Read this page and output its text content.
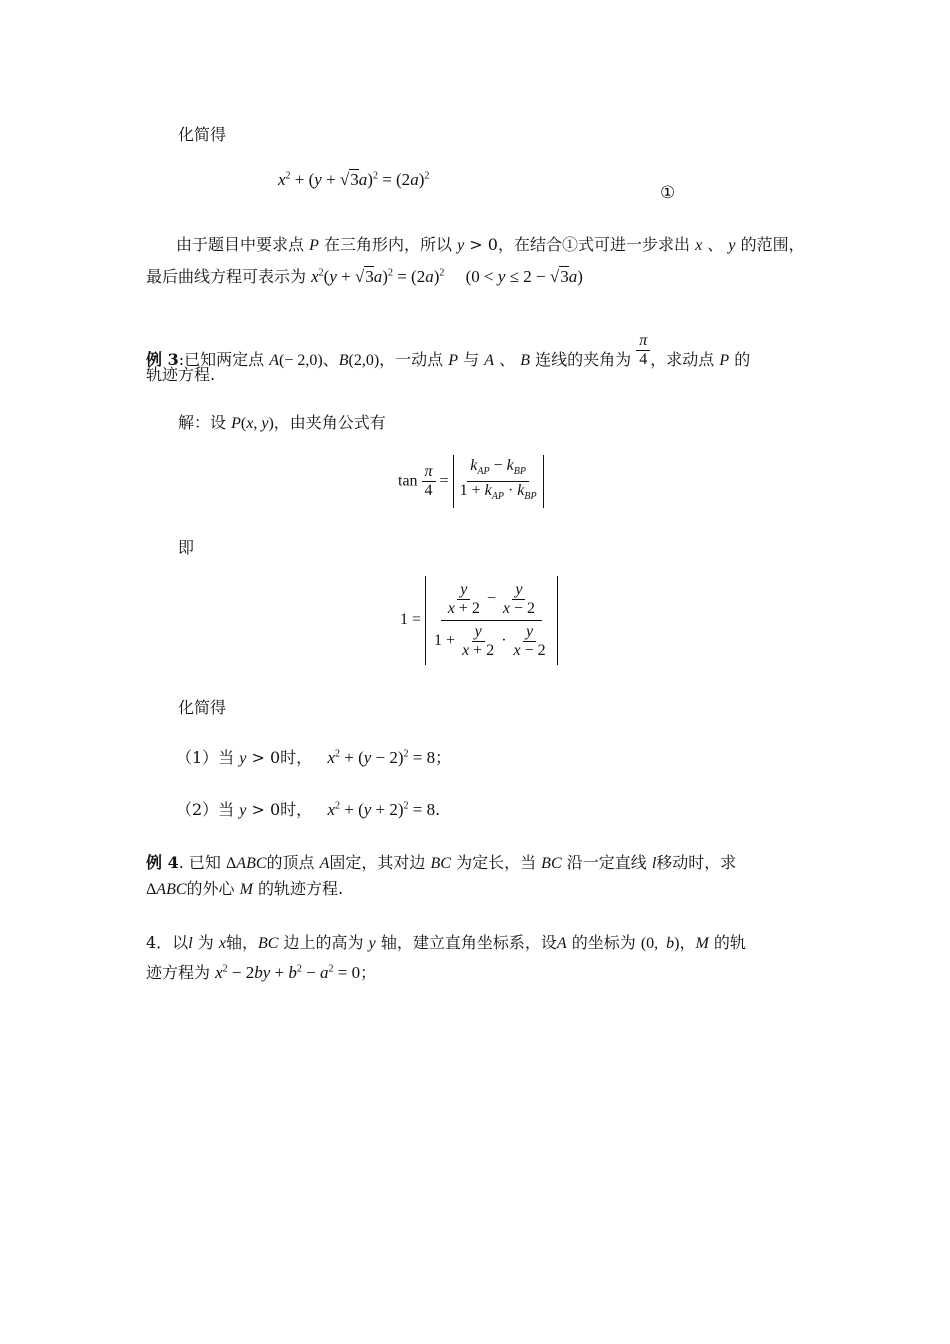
化简得
$x^2 + (y + √3a)^2 = (2a)^2$
①
由于题目中要求点 P 在三角形内，所以 y > 0，在结合①式可进一步求出 x 、 y 的范围，
最后曲线方程可表示为 $x^2(y + √3a)^2 = (2a)^2$     (0 < y ≤ 2 − √3a)
例 3:已知两定点 A(− 2,0)、B(2,0)，一动点 P 与 A 、 B 连线的夹角为 $\frac{\pi}{4}$ ，求动点 P 的
轨迹方程.
解：设 P(x, y)，由夹角公式有
$\tan \frac{\pi}{4} = \frac{k_{AP} - k_{BP}}{1 + k_{AP} \cdot k_{BP}}$
即
$1 = \frac{\frac{y}{x + 2} - \frac{y}{x - 2}}{1 + \frac{y}{x + 2} \cdot \frac{y}{x - 2}}$
化简得
（1）当 y > 0时， $x^2 + (y - 2)^2 = 8$；
（2）当 y > 0时， $x^2 + (y + 2)^2 = 8$.
例 4. 已知 ΔABC的顶点 A固定，其对边 BC 为定长，当 BC 沿一定直线 l移动时，求
ΔABC的外心 M 的轨迹方程.
4．以l 为 x轴，BC 边上的高为 y 轴，建立直角坐标系，设A 的坐标为 (0,  b)，M 的轨
迹方程为 $x^2 - 2by + b^2 - a^2 = 0$；
